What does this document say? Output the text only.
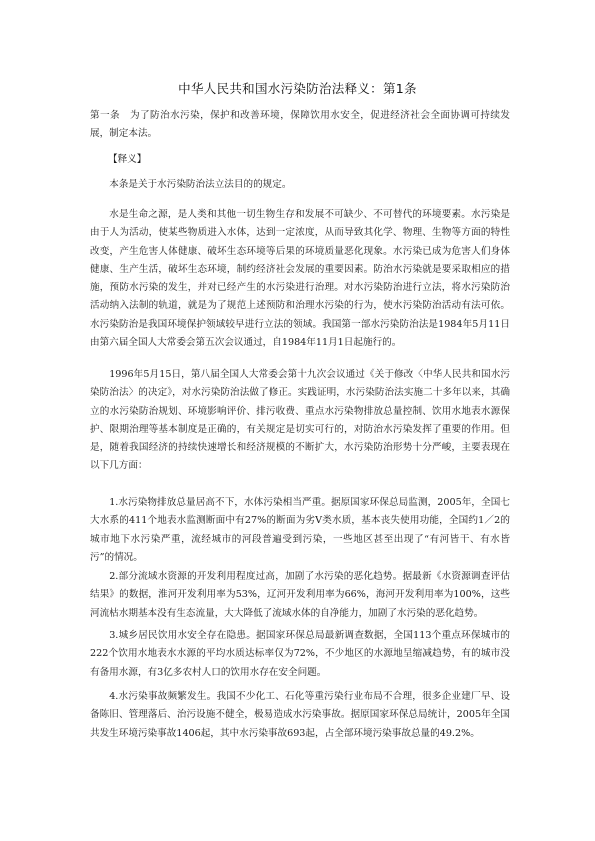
中华人民共和国水污染防治法释义：第1条

第一条　为了防治水污染，保护和改善环境，保障饮用水安全，促进经济社会全面协调可持续发展，制定本法。

【释义】

本条是关于水污染防治法立法目的的规定。

水是生命之源，是人类和其他一切生物生存和发展不可缺少、不可替代的环境要素。水污染是由于人为活动，使某些物质进入水体，达到一定浓度，从而导致其化学、物理、生物等方面的特性改变，产生危害人体健康、破坏生态环境等后果的环境质量恶化现象。水污染已成为危害人们身体健康、生产生活，破坏生态环境，制约经济社会发展的重要因素。防治水污染就是要采取相应的措施，预防水污染的发生，并对已经产生的水污染进行治理。对水污染防治进行立法，将水污染防治活动纳入法制的轨道，就是为了规范上述预防和治理水污染的行为，使水污染防治活动有法可依。水污染防治是我国环境保护领域较早进行立法的领域。我国第一部水污染防治法是1984年5月11日由第六届全国人大常委会第五次会议通过，自1984年11月1日起施行的。

1996年5月15日，第八届全国人大常委会第十九次会议通过《关于修改〈中华人民共和国水污染防治法〉的决定》，对水污染防治法做了修正。实践证明，水污染防治法实施二十多年以来，其确立的水污染防治规划、环境影响评价、排污收费、重点水污染物排放总量控制、饮用水地表水源保护、限期治理等基本制度是正确的，有关规定是切实可行的，对防治水污染发挥了重要的作用。但是，随着我国经济的持续快速增长和经济规模的不断扩大，水污染防治形势十分严峻，主要表现在以下几方面：

1.水污染物排放总量居高不下，水体污染相当严重。据原国家环保总局监测，2005年，全国七大水系的411个地表水监测断面中有27%的断面为劣Ⅴ类水质，基本丧失使用功能，全国约1／2的城市地下水污染严重，流经城市的河段普遍受到污染，一些地区甚至出现了“有河皆干、有水皆污”的情况。

2.部分流域水资源的开发利用程度过高，加剧了水污染的恶化趋势。据最新《水资源调查评估结果》的数据，淮河开发利用率为53%，辽河开发利用率为66%，海河开发利用率为100%，这些河流枯水期基本没有生态流量，大大降低了流域水体的自净能力，加剧了水污染的恶化趋势。

3.城乡居民饮用水安全存在隐患。据国家环保总局最新调查数据，全国113个重点环保城市的222个饮用水地表水水源的平均水质达标率仅为72%，不少地区的水源地呈缩减趋势，有的城市没有备用水源，有3亿多农村人口的饮用水存在安全问题。

4.水污染事故频繁发生。我国不少化工、石化等重污染行业布局不合理，很多企业建厂早、设备陈旧、管理落后、治污设施不健全，极易造成水污染事故。据原国家环保总局统计，2005年全国共发生环境污染事故1406起，其中水污染事故693起，占全部环境污染事故总量的49.2%。
